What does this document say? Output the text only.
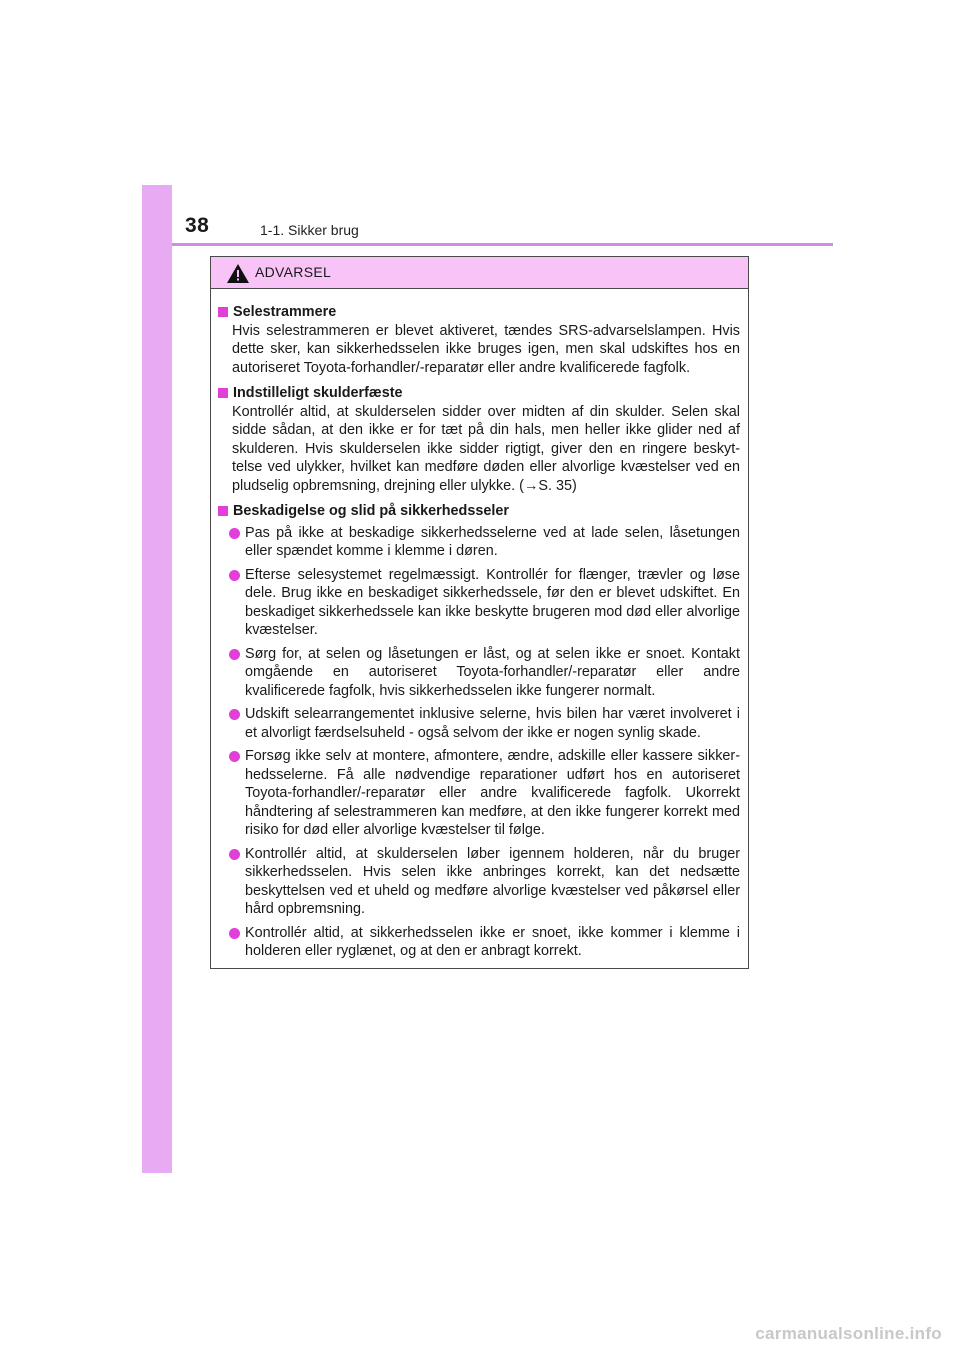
38	1-1. Sikker brug
ADVARSEL
Selestrammere
Hvis selestrammeren er blevet aktiveret, tændes SRS-advarselslampen. Hvis dette sker, kan sikkerhedsselen ikke bruges igen, men skal udskiftes hos en autoriseret Toyota-forhandler/-reparatør eller andre kvalificerede fagfolk.
Indstilleligt skulderfæste
Kontrollér altid, at skulderselen sidder over midten af din skulder. Selen skal sidde sådan, at den ikke er for tæt på din hals, men heller ikke glider ned af skulderen. Hvis skulderselen ikke sidder rigtigt, giver den en ringere beskyt-telse ved ulykker, hvilket kan medføre døden eller alvorlige kvæstelser ved en pludselig opbremsning, drejning eller ulykke. (→S. 35)
Beskadigelse og slid på sikkerhedsseler
Pas på ikke at beskadige sikkerhedsselerne ved at lade selen, låsetungen eller spændet komme i klemme i døren.
Efterse selesystemet regelmæssigt. Kontrollér for flænger, trævler og løse dele. Brug ikke en beskadiget sikkerhedssele, før den er blevet udskiftet. En beskadiget sikkerhedssele kan ikke beskytte brugeren mod død eller alvorlige kvæstelser.
Sørg for, at selen og låsetungen er låst, og at selen ikke er snoet. Kontakt omgående en autoriseret Toyota-forhandler/-reparatør eller andre kvalificerede fagfolk, hvis sikkerhedsselen ikke fungerer normalt.
Udskift selearrangementet inklusive selerne, hvis bilen har været involveret i et alvorligt færdselsuheld - også selvom der ikke er nogen synlig skade.
Forsøg ikke selv at montere, afmontere, ændre, adskille eller kassere sikker-hedsselerne. Få alle nødvendige reparationer udført hos en autoriseret Toyota-forhandler/-reparatør eller andre kvalificerede fagfolk. Ukorrekt håndtering af selestrammeren kan medføre, at den ikke fungerer korrekt med risiko for død eller alvorlige kvæstelser til følge.
Kontrollér altid, at skulderselen løber igennem holderen, når du bruger sikkerhedsselen. Hvis selen ikke anbringes korrekt, kan det nedsætte beskyttelsen ved et uheld og medføre alvorlige kvæstelser ved påkørsel eller hård opbremsning.
Kontrollér altid, at sikkerhedsselen ikke er snoet, ikke kommer i klemme i holderen eller ryglænet, og at den er anbragt korrekt.
carmanualsonline.info
